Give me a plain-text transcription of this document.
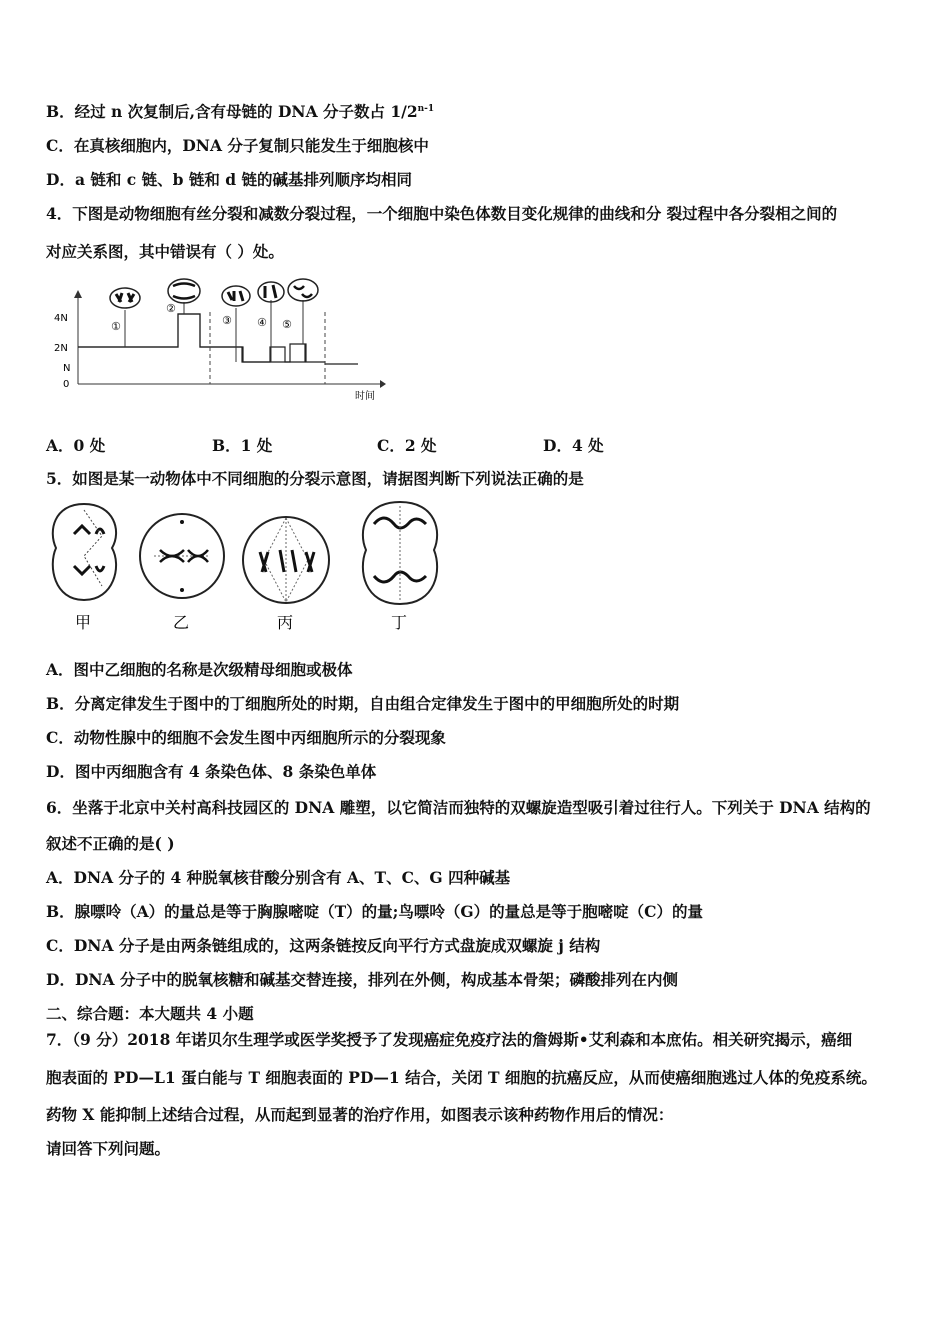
B．经过 n 次复制后,含有母链的 DNA 分子数占 1/2$^{n-1}$
C．在真核细胞内，DNA 分子复制只能发生于细胞核中
D．a 链和 c 链、b 链和 d 链的碱基排列顺序均相同
4．下图是动物细胞有丝分裂和减数分裂过程，一个细胞中染色体数目变化规律的曲线和分 裂过程中各分裂相之间的
对应关系图，其中错误有（ ）处。
4N
2N
N
0
时间
①
②
③ ④ ⑤
A．0 处	B．1 处	C．2 处	D．4 处
5．如图是某一动物体中不同细胞的分裂示意图，请据图判断下列说法正确的是
甲	乙	丙	丁
A．图中乙细胞的名称是次级精母细胞或极体
B．分离定律发生于图中的丁细胞所处的时期，自由组合定律发生于图中的甲细胞所处的时期
C．动物性腺中的细胞不会发生图中丙细胞所示的分裂现象
D．图中丙细胞含有 4 条染色体、8 条染色单体
6．坐落于北京中关村高科技园区的 DNA 雕塑，以它简洁而独特的双螺旋造型吸引着过往行人。下列关于 DNA 结构的
叙述不正确的是( )
A．DNA 分子的 4 种脱氧核苷酸分别含有 A、T、C、G 四种碱基
B．腺嘌呤（A）的量总是等于胸腺嘧啶（T）的量;鸟嘌呤（G）的量总是等于胞嘧啶（C）的量
C．DNA 分子是由两条链组成的，这两条链按反向平行方式盘旋成双螺旋 j 结构
D．DNA 分子中的脱氧核糖和碱基交替连接，排列在外侧，构成基本骨架；磷酸排列在内侧
二、综合题：本大题共 4 小题
7．（9 分）2018 年诺贝尔生理学或医学奖授予了发现癌症免疫疗法的詹姆斯•艾利森和本庶佑。相关研究揭示，癌细
胞表面的 PD—L1 蛋白能与 T 细胞表面的 PD—1 结合，关闭 T 细胞的抗癌反应，从而使癌细胞逃过人体的免疫系统。
药物 X 能抑制上述结合过程，从而起到显著的治疗作用，如图表示该种药物作用后的情况：
请回答下列问题。
